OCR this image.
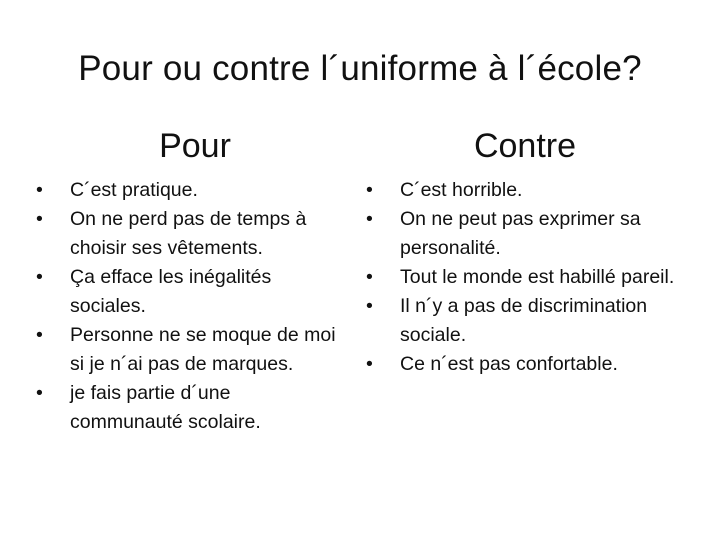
Pour ou contre l´uniforme à l´école?
Pour	Contre
•	C´est pratique.
•	On ne perd pas de temps à choisir ses vêtements.
•	Ça efface les inégalités sociales.
•	Personne ne se moque de moi si je n´ai pas de marques.
•	je fais partie d´une communauté scolaire.
•	C´est horrible.
•	On ne peut pas exprimer sa personalité.
•	Tout le monde est habillé pareil.
•	Il n´y a pas de discrimination sociale.
•	Ce n´est pas confortable.
